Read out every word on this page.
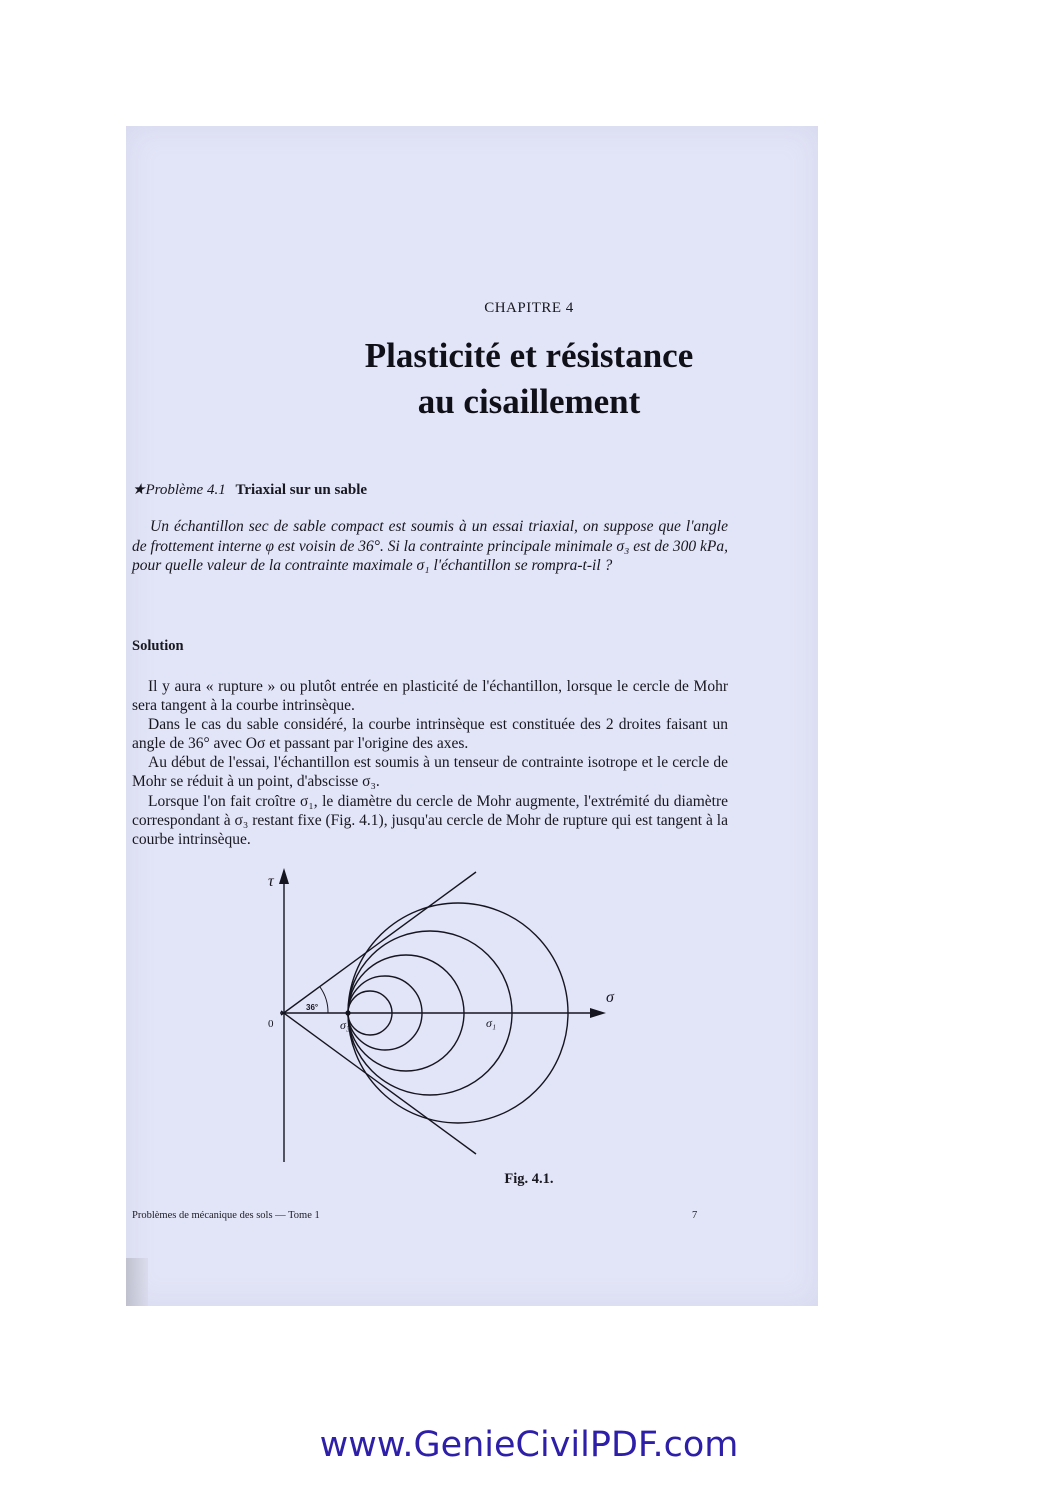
CHAPITRE 4
Plasticité et résistance
au cisaillement
★Problème 4.1 Triaxial sur un sable

Un échantillon sec de sable compact est soumis à un essai triaxial, on suppose que l'angle de frottement interne φ est voisin de 36°. Si la contrainte principale minimale σ₃ est de 300 kPa, pour quelle valeur de la contrainte maximale σ₁ l'échantillon se rompra-t-il ?

Solution

Il y aura « rupture » ou plutôt entrée en plasticité de l'échantillon, lorsque le cercle de Mohr sera tangent à la courbe intrinsèque.

Dans le cas du sable considéré, la courbe intrinsèque est constituée des 2 droites faisant un angle de 36° avec Oσ et passant par l'origine des axes.

Au début de l'essai, l'échantillon est soumis à un tenseur de contrainte isotrope et le cercle de Mohr se réduit à un point, d'abscisse σ₃.

Lorsque l'on fait croître σ₁, le diamètre du cercle de Mohr augmente, l'extrémité du diamètre correspondant à σ₃ restant fixe (Fig. 4.1), jusqu'au cercle de Mohr de rupture qui est tangent à la courbe intrinsèque.

τ
σ
0
36°
σ₃	σ₁
Fig. 4.1.
Problèmes de mécanique des sols — Tome 1	7
www.GenieCivilPDF.com
